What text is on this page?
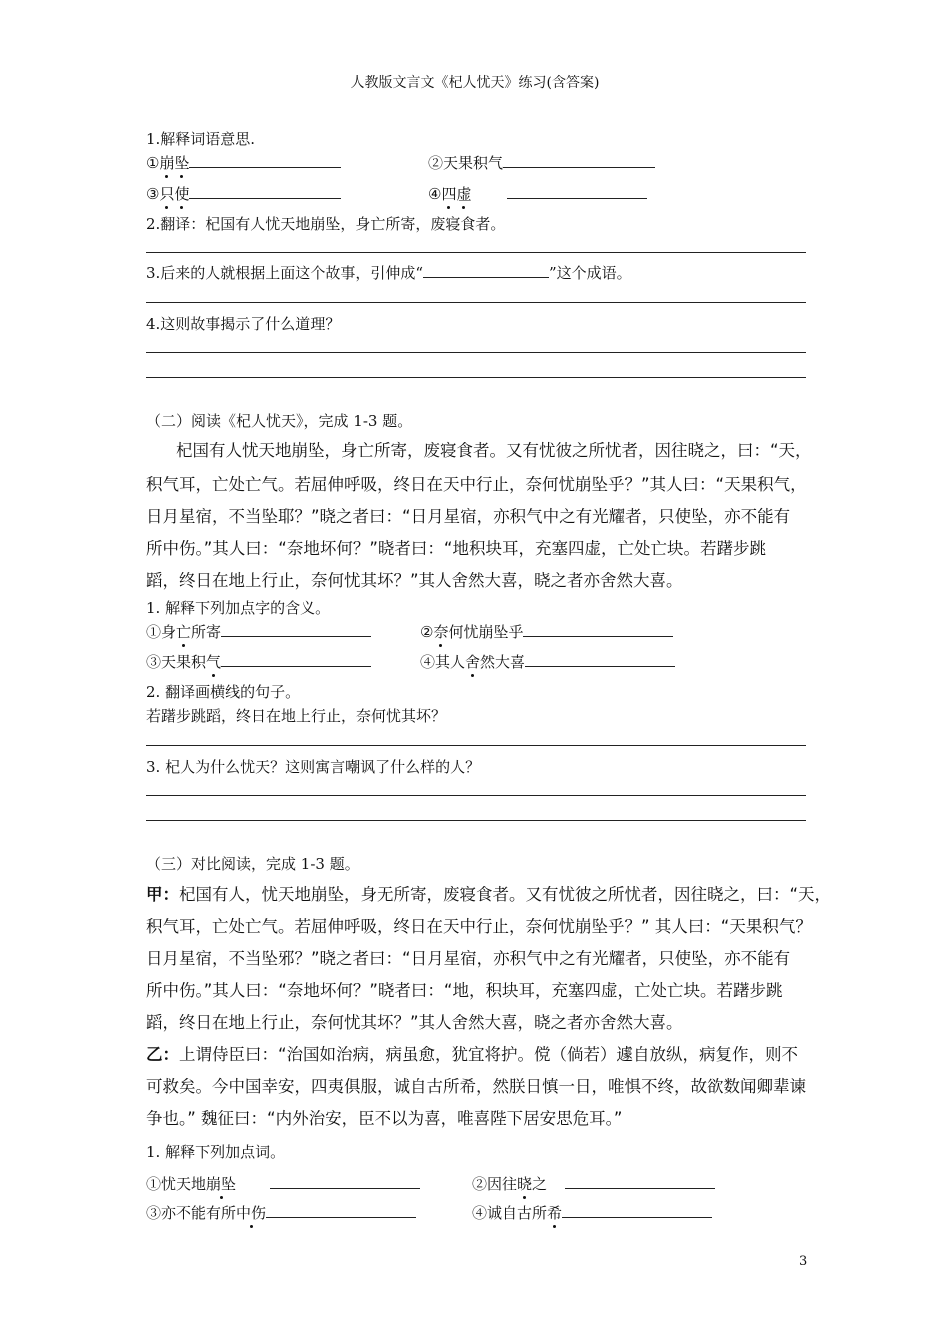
人教版文言文《杞人忧天》练习(含答案)
1.解释词语意思.
①崩坠	②天果积气
③只使	④四虚
2.翻译：杞国有人忧天地崩坠，身亡所寄，废寝食者。
3.后来的人就根据上面这个故事，引伸成“	”这个成语。
4.这则故事揭示了什么道理？
（二）阅读《杞人忧天》，完成 1-3 题。
杞国有人忧天地崩坠，身亡所寄，废寝食者。又有忧彼之所忧者，因往晓之，曰：“天，
积气耳，亡处亡气。若屈伸呼吸，终日在天中行止，奈何忧崩坠乎？”其人曰：“天果积气，
日月星宿，不当坠耶？”晓之者曰：“日月星宿，亦积气中之有光耀者，只使坠，亦不能有
所中伤。”其人曰：“奈地坏何？”晓者曰：“地积块耳，充塞四虚，亡处亡块。若躇步跳
蹈，终日在地上行止，奈何忧其坏？”其人舍然大喜，晓之者亦舍然大喜。
1. 解释下列加点字的含义。
①身亡所寄	②奈何忧崩坠乎
③天果积气	④其人舍然大喜
2. 翻译画横线的句子。
若躇步跳蹈，终日在地上行止，奈何忧其坏？
3. 杞人为什么忧天？这则寓言嘲讽了什么样的人？
（三）对比阅读，完成 1-3 题。
甲：杞国有人，忧天地崩坠，身无所寄，废寝食者。又有忧彼之所忧者，因往晓之，曰：“天，
积气耳，亡处亡气。若屈伸呼吸，终日在天中行止，奈何忧崩坠乎？” 其人曰：“天果积气？
日月星宿，不当坠邪？”晓之者曰：“日月星宿，亦积气中之有光耀者，只使坠，亦不能有
所中伤。”其人曰：“奈地坏何？”晓者曰：“地，积块耳，充塞四虚，亡处亡块。若躇步跳
蹈，终日在地上行止，奈何忧其坏？”其人舍然大喜，晓之者亦舍然大喜。
乙：上谓侍臣曰：“治国如治病，病虽愈，犹宜将护。傥（倘若）遽自放纵，病复作，则不
可救矣。今中国幸安，四夷俱服，诚自古所希，然朕日慎一日，唯惧不终，故欲数闻卿辈谏
争也。” 魏征曰：“内外治安，臣不以为喜，唯喜陛下居安思危耳。”
1. 解释下列加点词。
①忧天地崩坠	②因往晓之
③亦不能有所中伤	④诚自古所希
3
